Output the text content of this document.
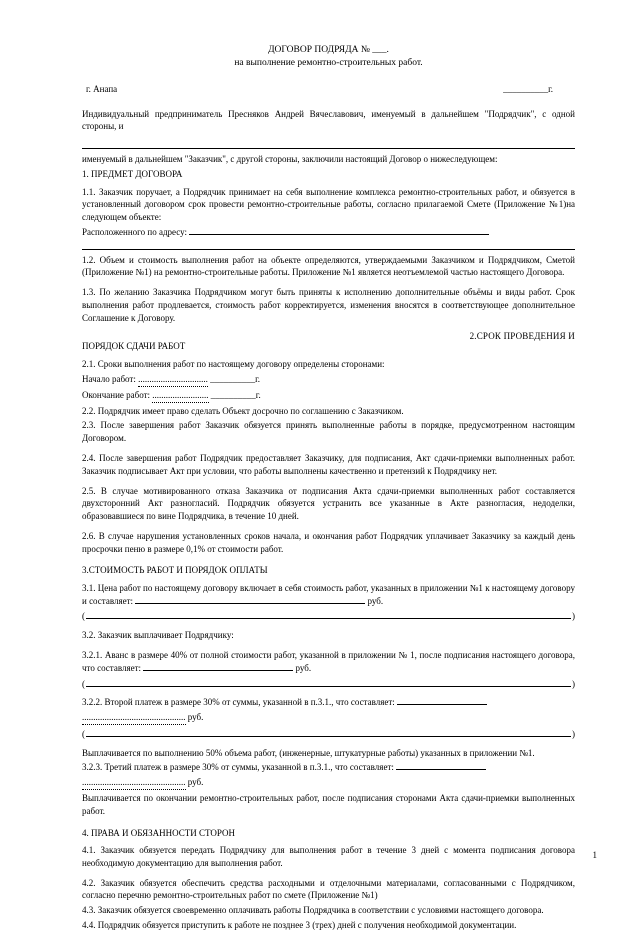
ДОГОВОР ПОДРЯДА № ___.
на выполнение ремонтно-строительных работ.
г. Анапа	__________г.

Индивидуальный предприниматель Пресняков Андрей Вячеславович, именуемый в дальнейшем "Подрядчик", с одной стороны, и

именуемый в дальнейшем "Заказчик", с другой стороны, заключили настоящий Договор о нижеследующем:

1. ПРЕДМЕТ ДОГОВОРА

1.1. Заказчик поручает, а Подрядчик принимает на себя выполнение комплекса ремонтно-строительных работ, и обязуется в установленный договором срок провести ремонтно-строительные работы, согласно прилагаемой Смете (Приложение №1)на следующем объекте:

Расположенного по адресу:

1.2. Объем и стоимость выполнения работ на объекте определяются, утверждаемыми Заказчиком и Подрядчиком, Сметой (Приложение №1) на ремонтно-строительные работы. Приложение №1 является неотъемлемой частью настоящего Договора.

1.3. По желанию Заказчика Подрядчиком могут быть приняты к исполнению дополнительные объёмы и виды работ. Срок выполнения работ продлевается, стоимость работ корректируется, изменения вносятся в соответствующее дополнительное Соглашение к Договору.

2.СРОК ПРОВЕДЕНИЯ И

ПОРЯДОК СДАЧИ РАБОТ

2.1. Сроки выполнения работ по настоящему договору определены сторонами:

Начало работ: ............................... __________г.

Окончание работ: ......................... __________г.

2.2. Подрядчик имеет право сделать Объект досрочно по соглашению с Заказчиком.

2.3. После завершения работ Заказчик обязуется принять выполненные работы в порядке, предусмотренном настоящим Договором.

2.4. После завершения работ Подрядчик предоставляет Заказчику, для подписания, Акт сдачи-приемки выполненных работ. Заказчик подписывает Акт при условии, что работы выполнены качественно и претензий к Подрядчику нет.

2.5. В случае мотивированного отказа Заказчика от подписания Акта сдачи-приемки выполненных работ составляется двухсторонний Акт разногласий. Подрядчик обязуется устранить все указанные в Акте разногласия, недоделки, образовавшиеся по вине Подрядчика, в течение 10 дней.

2.6. В случае нарушения установленных сроков начала, и окончания работ Подрядчик уплачивает Заказчику за каждый день просрочки пеню в размере 0,1% от стоимости работ.

3.СТОИМОСТЬ РАБОТ И ПОРЯДОК ОПЛАТЫ

3.1. Цена работ по настоящему договору включает в себя стоимость работ, указанных в приложении №1 к настоящему договору и составляет:	руб.

(	)

3.2. Заказчик выплачивает Подрядчику:

3.2.1. Аванс в размере 40% от полной стоимости работ, указанной в приложении № 1, после подписания настоящего договора, что составляет:	руб.

(	)

3.2.2. Второй платеж в размере 30% от суммы, указанной в п.3.1., что составляет:

.............................................. руб.

(	)

Выплачивается по выполнению 50% объема работ, (инженерные, штукатурные работы) указанных в приложении №1.

3.2.3. Третий платеж в размере 30% от суммы, указанной в п.3.1., что составляет:

.............................................. руб.

Выплачивается по окончании ремонтно-строительных работ, после подписания сторонами Акта сдачи-приемки выполненных работ.

4. ПРАВА И ОБЯЗАННОСТИ СТОРОН

4.1. Заказчик обязуется передать Подрядчику для выполнения работ в течение 3 дней с момента подписания договора необходимую документацию для выполнения работ.

4.2. Заказчик обязуется обеспечить средства расходными и отделочными материалами, согласованными с Подрядчиком, согласно перечню ремонтно-строительных работ по смете (Приложение №1)

4.3. Заказчик обязуется своевременно оплачивать работы Подрядчика в соответствии с условиями настоящего договора.

4.4. Подрядчик обязуется приступить к работе не позднее 3 (трех) дней с получения необходимой документации.

1
